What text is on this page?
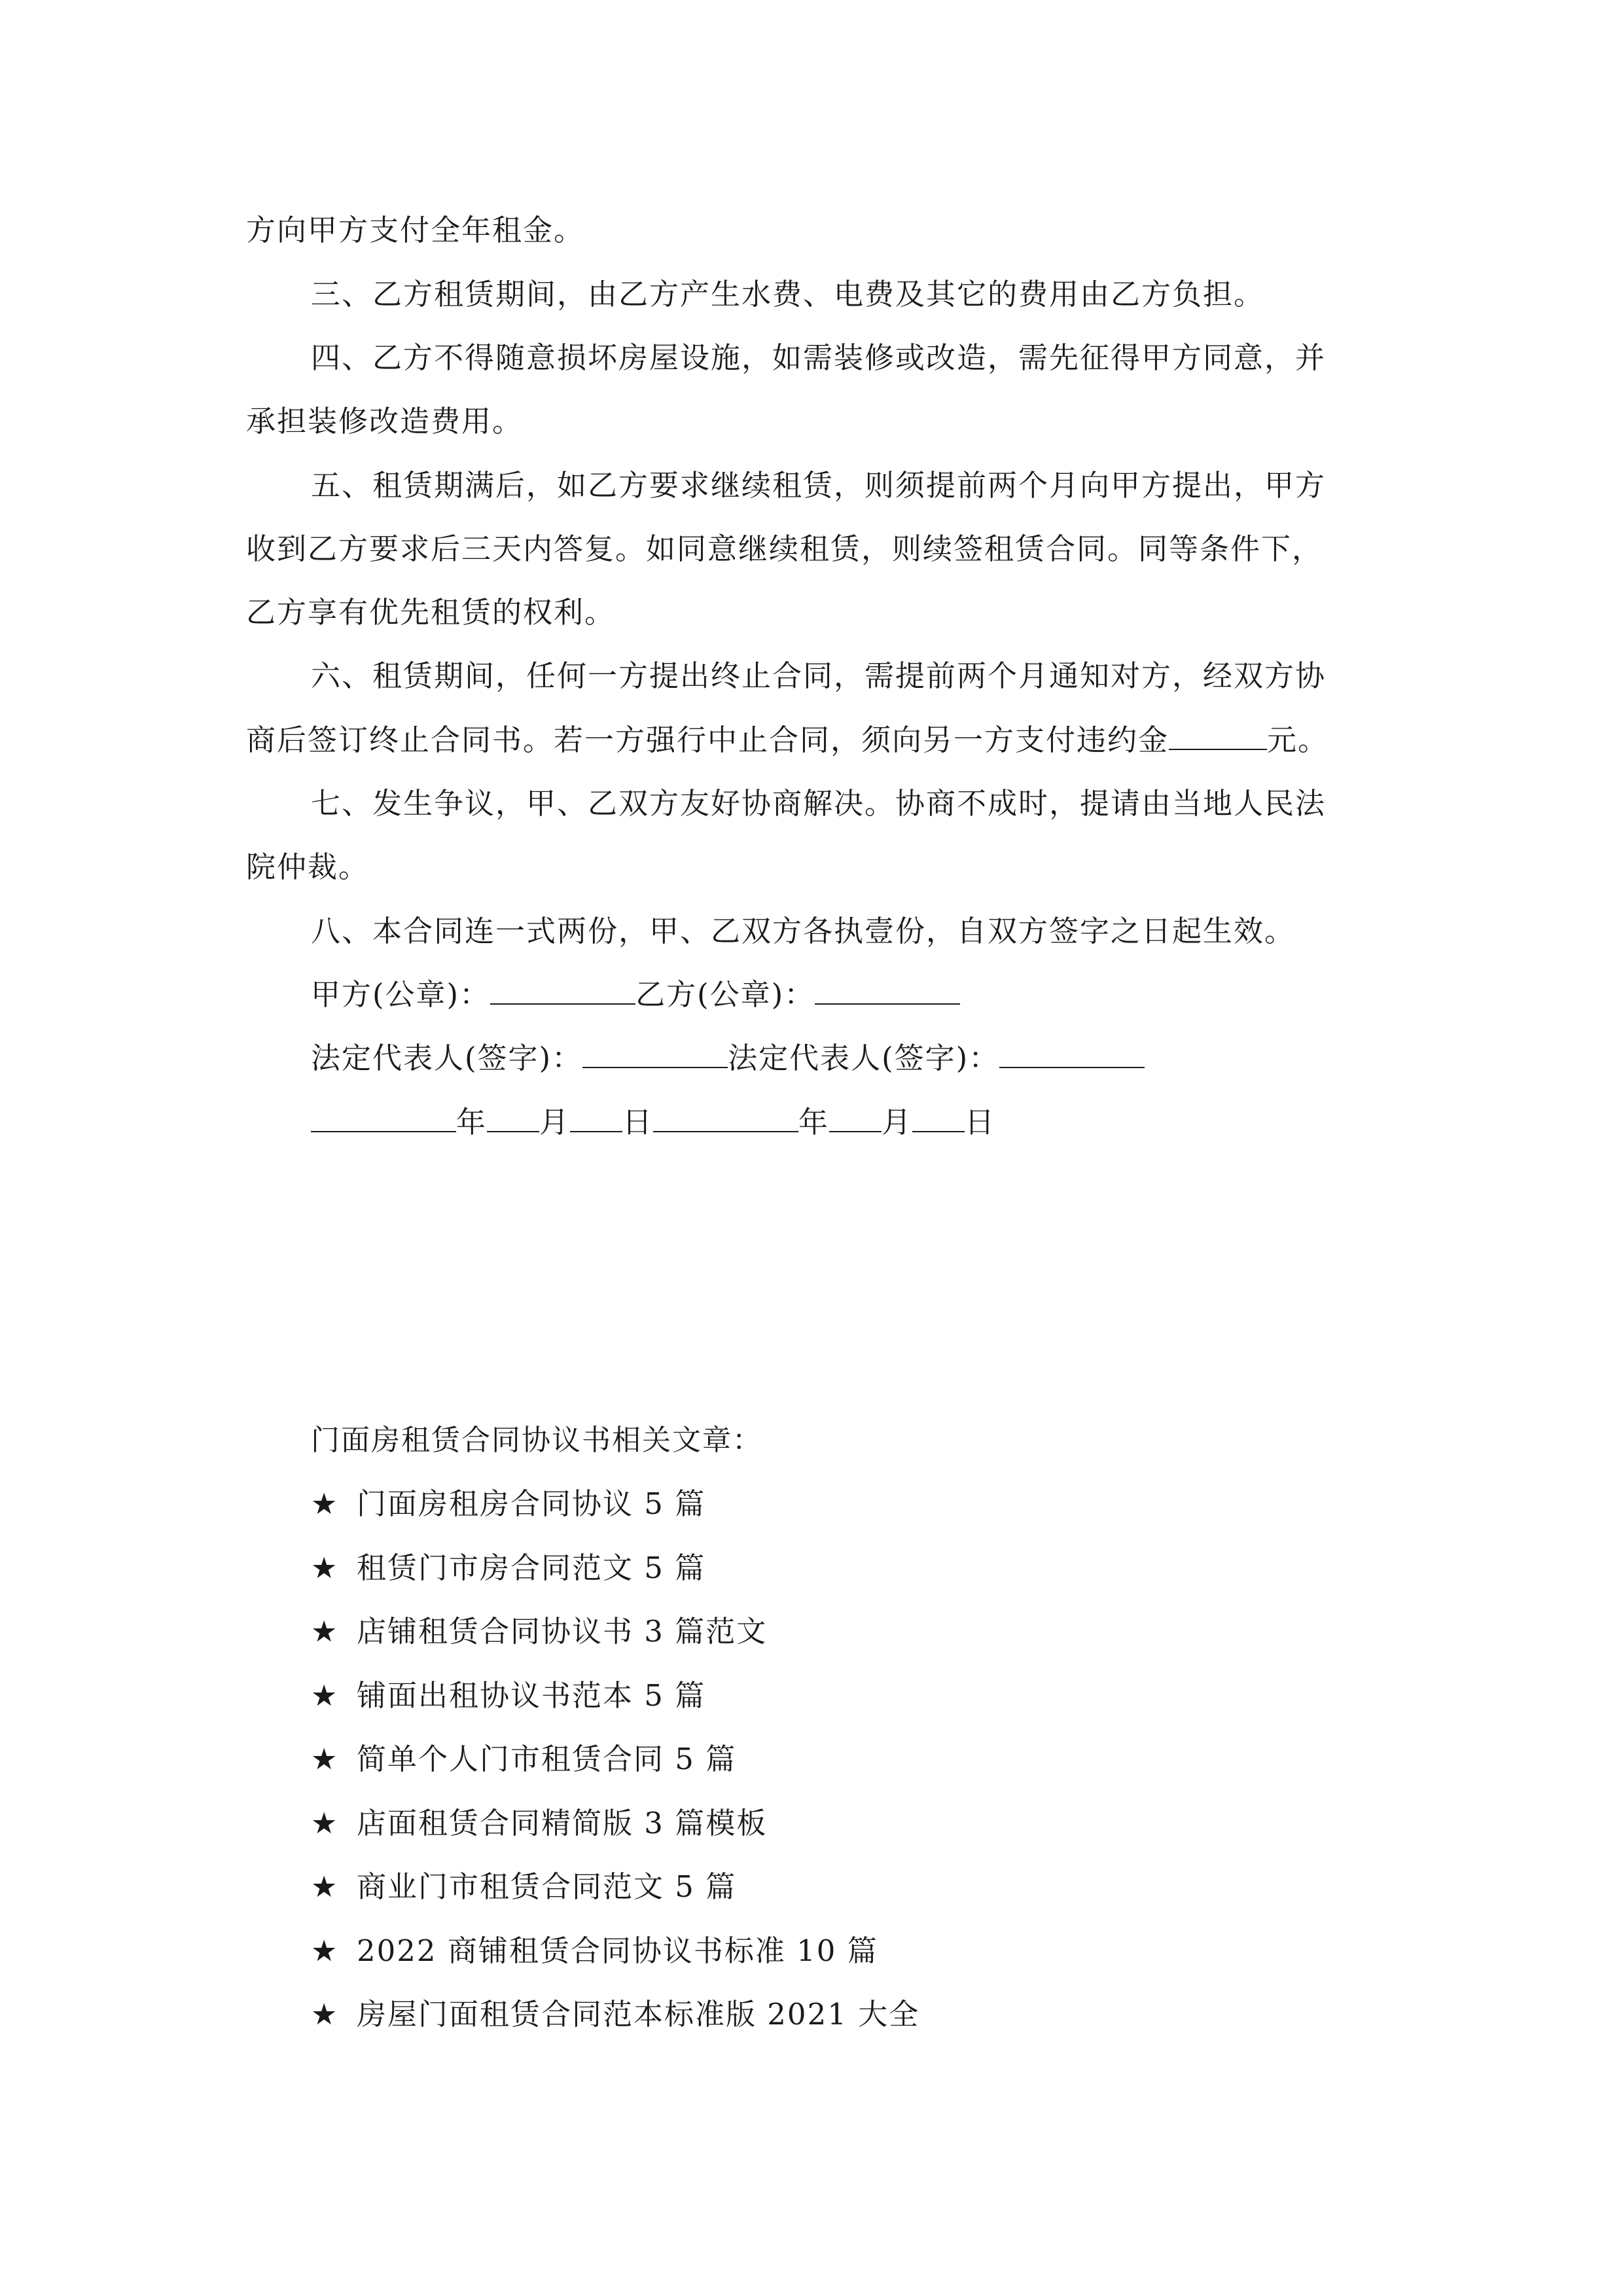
方向甲方支付全年租金。
三、乙方租赁期间，由乙方产生水费、电费及其它的费用由乙方负担。
四、乙方不得随意损坏房屋设施，如需装修或改造，需先征得甲方同意，并
承担装修改造费用。
五、租赁期满后，如乙方要求继续租赁，则须提前两个月向甲方提出，甲方
收到乙方要求后三天内答复。如同意继续租赁，则续签租赁合同。同等条件下，
乙方享有优先租赁的权利。
六、租赁期间，任何一方提出终止合同，需提前两个月通知对方，经双方协
商后签订终止合同书。若一方强行中止合同，须向另一方支付违约金	元。
七、发生争议，甲、乙双方友好协商解决。协商不成时，提请由当地人民法
院仲裁。
八、本合同连一式两份，甲、乙双方各执壹份，自双方签字之日起生效。
甲方(公章)：	乙方(公章)：
法定代表人(签字)：	法定代表人(签字)：
年 月 日	年 月 日
门面房租赁合同协议书相关文章：
★ 门面房租房合同协议 5 篇
★ 租赁门市房合同范文 5 篇
★ 店铺租赁合同协议书 3 篇范文
★ 铺面出租协议书范本 5 篇
★ 简单个人门市租赁合同 5 篇
★ 店面租赁合同精简版 3 篇模板
★ 商业门市租赁合同范文 5 篇
★ 2022 商铺租赁合同协议书标准 10 篇
★ 房屋门面租赁合同范本标准版 2021 大全
